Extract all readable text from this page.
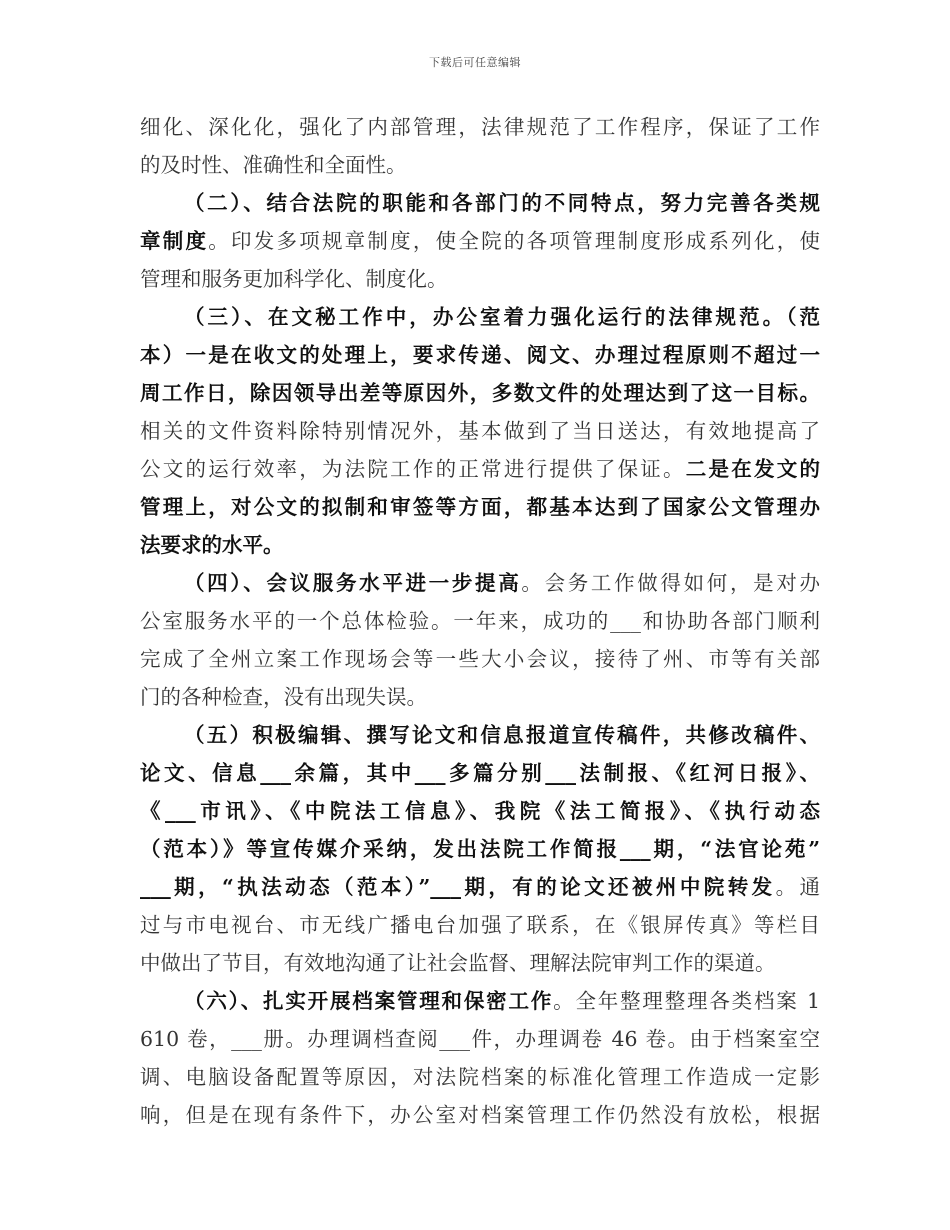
下载后可任意编辑
细化、深化化，强化了内部管理，法律规范了工作程序，保证了工作
的及时性、准确性和全面性。
（二）、结合法院的职能和各部门的不同特点，努力完善各类规
章制度。印发多项规章制度，使全院的各项管理制度形成系列化，使
管理和服务更加科学化、制度化。
（三）、在文秘工作中，办公室着力强化运行的法律规范。（范
本）一是在收文的处理上，要求传递、阅文、办理过程原则不超过一
周工作日，除因领导出差等原因外，多数文件的处理达到了这一目标。
相关的文件资料除特别情况外，基本做到了当日送达，有效地提高了
公文的运行效率，为法院工作的正常进行提供了保证。二是在发文的
管理上，对公文的拟制和审签等方面，都基本达到了国家公文管理办
法要求的水平。
（四）、会议服务水平进一步提高。会务工作做得如何，是对办
公室服务水平的一个总体检验。一年来，成功的___和协助各部门顺利
完成了全州立案工作现场会等一些大小会议，接待了州、市等有关部
门的各种检查，没有出现失误。
（五）积极编辑、撰写论文和信息报道宣传稿件，共修改稿件、
论文、信息___余篇，其中___多篇分别___法制报、《红河日报》、
《___市讯》、《中院法工信息》、我院《法工简报》、《执行动态
（范本）》等宣传媒介采纳，发出法院工作简报___期，“法官论苑”
___期，“执法动态（范本）”___期，有的论文还被州中院转发。通
过与市电视台、市无线广播电台加强了联系，在《银屏传真》等栏目
中做出了节目，有效地沟通了让社会监督、理解法院审判工作的渠道。
（六）、扎实开展档案管理和保密工作。全年整理整理各类档案 1
610 卷，___册。办理调档查阅___件，办理调卷 46 卷。由于档案室空
调、电脑设备配置等原因，对法院档案的标准化管理工作造成一定影
响，但是在现有条件下，办公室对档案管理工作仍然没有放松，根据
